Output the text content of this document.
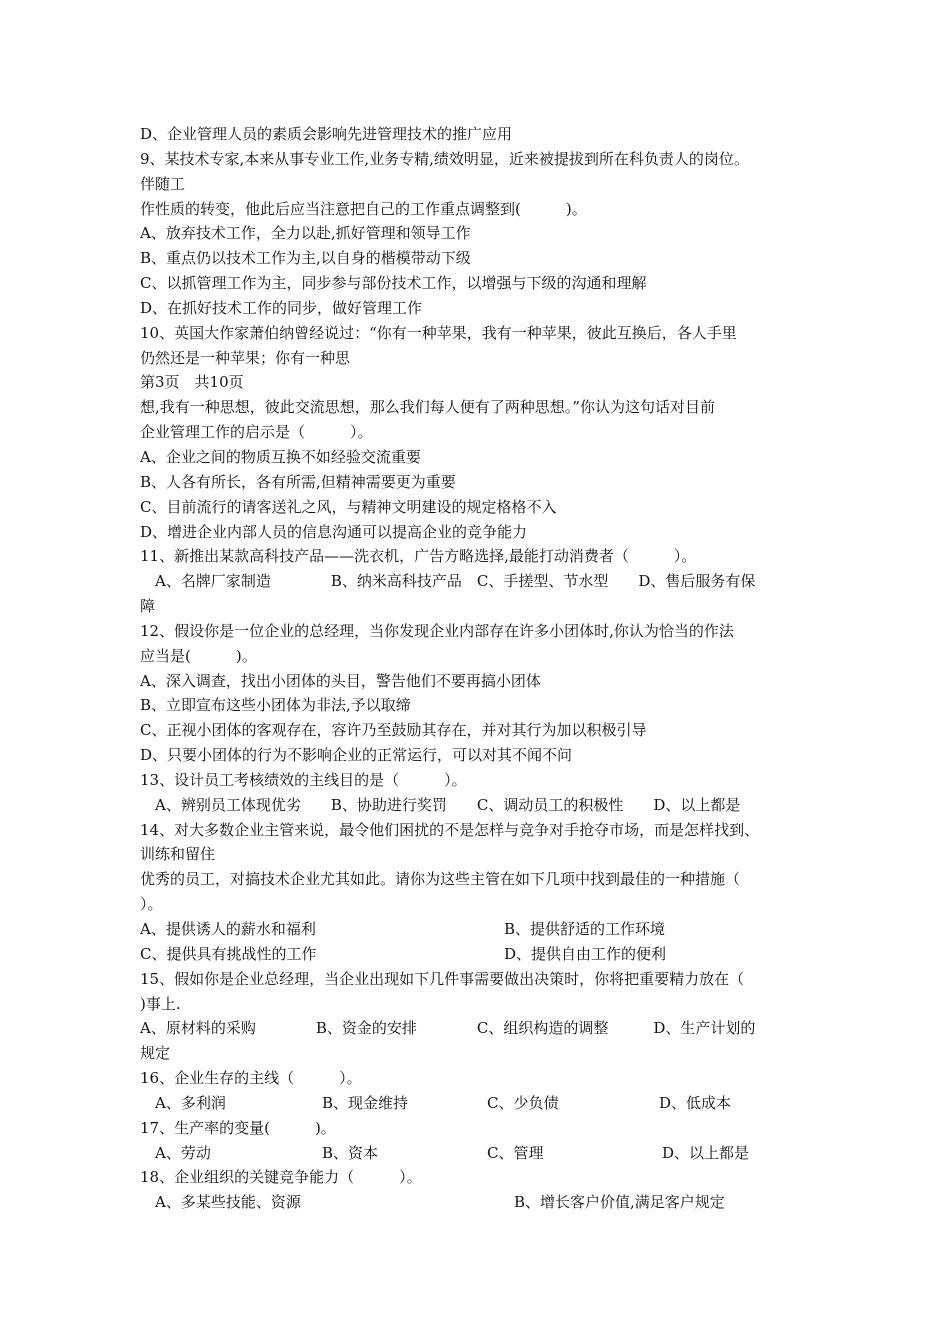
D、企业管理人员的素质会影响先进管理技术的推广应用
9、某技术专家,本来从事专业工作,业务专精,绩效明显，近来被提拔到所在科负责人的岗位。
伴随工
作性质的转变，他此后应当注意把自己的工作重点调整到(　　　)。
A、放弃技术工作，全力以赴,抓好管理和领导工作
B、重点仍以技术工作为主,以自身的楷模带动下级
C、以抓管理工作为主，同步参与部份技术工作，以增强与下级的沟通和理解
D、在抓好技术工作的同步，做好管理工作
10、英国大作家萧伯纳曾经说过：“你有一种苹果，我有一种苹果，彼此互换后，各人手里
仍然还是一种苹果；你有一种思
第3页　共10页
想,我有一种思想，彼此交流思想，那么我们每人便有了两种思想。”你认为这句话对目前
企业管理工作的启示是（　　　）。
A、企业之间的物质互换不如经验交流重要
B、人各有所长，各有所需,但精神需要更为重要
C、目前流行的请客送礼之风，与精神文明建设的规定格格不入
D、增进企业内部人员的信息沟通可以提高企业的竞争能力
11、新推出某款高科技产品——洗衣机，广告方略选择,最能打动消费者（　　　）。
　A、名牌厂家制造　　　　B、纳米高科技产品　C、手搓型、节水型　　D、售后服务有保
障
12、假设你是一位企业的总经理，当你发现企业内部存在许多小团体时,你认为恰当的作法
应当是(　　　)。
A、深入调查，找出小团体的头目，警告他们不要再搞小团体
B、立即宣布这些小团体为非法,予以取缔
C、正视小团体的客观存在，容许乃至鼓励其存在，并对其行为加以积极引导
D、只要小团体的行为不影响企业的正常运行，可以对其不闻不问
13、设计员工考核绩效的主线目的是（　　　）。
　A、辨别员工体现优劣　　B、协助进行奖罚　　C、调动员工的积极性　　D、以上都是
14、对大多数企业主管来说，最令他们困扰的不是怎样与竞争对手抢夺市场，而是怎样找到、
训练和留住
优秀的员工，对搞技术企业尤其如此。请你为这些主管在如下几项中找到最佳的一种措施（
）。
A、提供诱人的薪水和福利	B、提供舒适的工作环境
C、提供具有挑战性的工作	D、提供自由工作的便利
15、假如你是企业总经理，当企业出现如下几件事需要做出决策时，你将把重要精力放在（
)事上.
A、原材料的采购　　　　B、资金的安排　　　　C、组织构造的调整　　　D、生产计划的
规定
16、企业生存的主线（　　　）。
　A、多利润	B、现金维持	C、少负债	D、低成本
17、生产率的变量(　　　)。
　A、劳动	B、资本	C、管理	D、以上都是
18、企业组织的关键竞争能力（　　　）。
　A、多某些技能、资源	B、增长客户价值,满足客户规定
